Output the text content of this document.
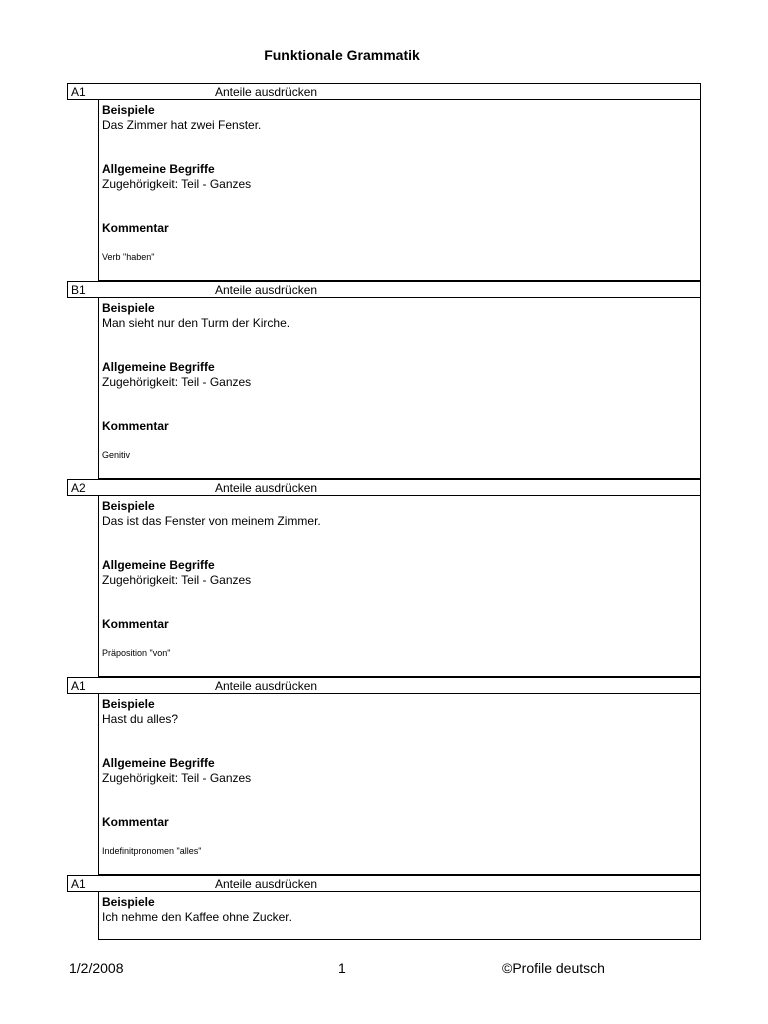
Funktionale Grammatik
A1	Anteile ausdrücken
Beispiele
Das Zimmer hat zwei Fenster.
Allgemeine Begriffe
Zugehörigkeit: Teil - Ganzes
Kommentar
Verb "haben"
B1	Anteile ausdrücken
Beispiele
Man sieht nur den Turm der Kirche.
Allgemeine Begriffe
Zugehörigkeit: Teil - Ganzes
Kommentar
Genitiv
A2	Anteile ausdrücken
Beispiele
Das ist das Fenster von meinem Zimmer.
Allgemeine Begriffe
Zugehörigkeit: Teil - Ganzes
Kommentar
Präposition "von"
A1	Anteile ausdrücken
Beispiele
Hast du alles?
Allgemeine Begriffe
Zugehörigkeit: Teil - Ganzes
Kommentar
Indefinitpronomen "alles"
A1	Anteile ausdrücken
Beispiele
Ich nehme den Kaffee ohne Zucker.
1/2/2008	1	©Profile deutsch
